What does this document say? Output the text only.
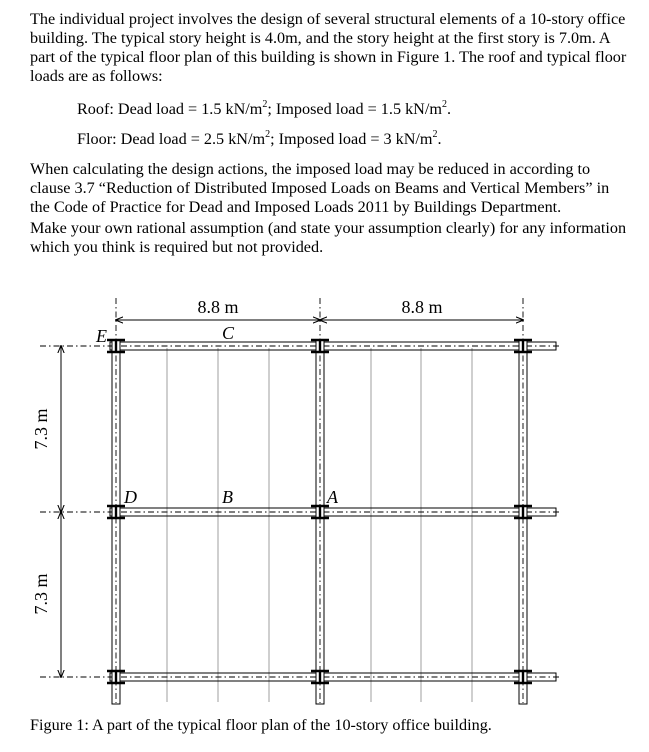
The individual project involves the design of several structural elements of a 10-story office building. The typical story height is 4.0m, and the story height at the first story is 7.0m. A part of the typical floor plan of this building is shown in Figure 1. The roof and typical floor loads are as follows:

Roof: Dead load = 1.5 $kN/m^2$; Imposed load = 1.5 $kN/m^2$.
Floor: Dead load = 2.5 $kN/m^2$; Imposed load = 3 $kN/m^2$.

When calculating the design actions, the imposed load may be reduced in according to clause 3.7 “Reduction of Distributed Imposed Loads on Beams and Vertical Members” in the Code of Practice for Dead and Imposed Loads 2011 by Buildings Department.

Make your own rational assumption (and state your assumption clearly) for any information which you think is required but not provided.

8.8 m	8.8 m
7.3 m
7.3 m
E	C
D	B	A
Figure 1: A part of the typical floor plan of the 10-story office building.
